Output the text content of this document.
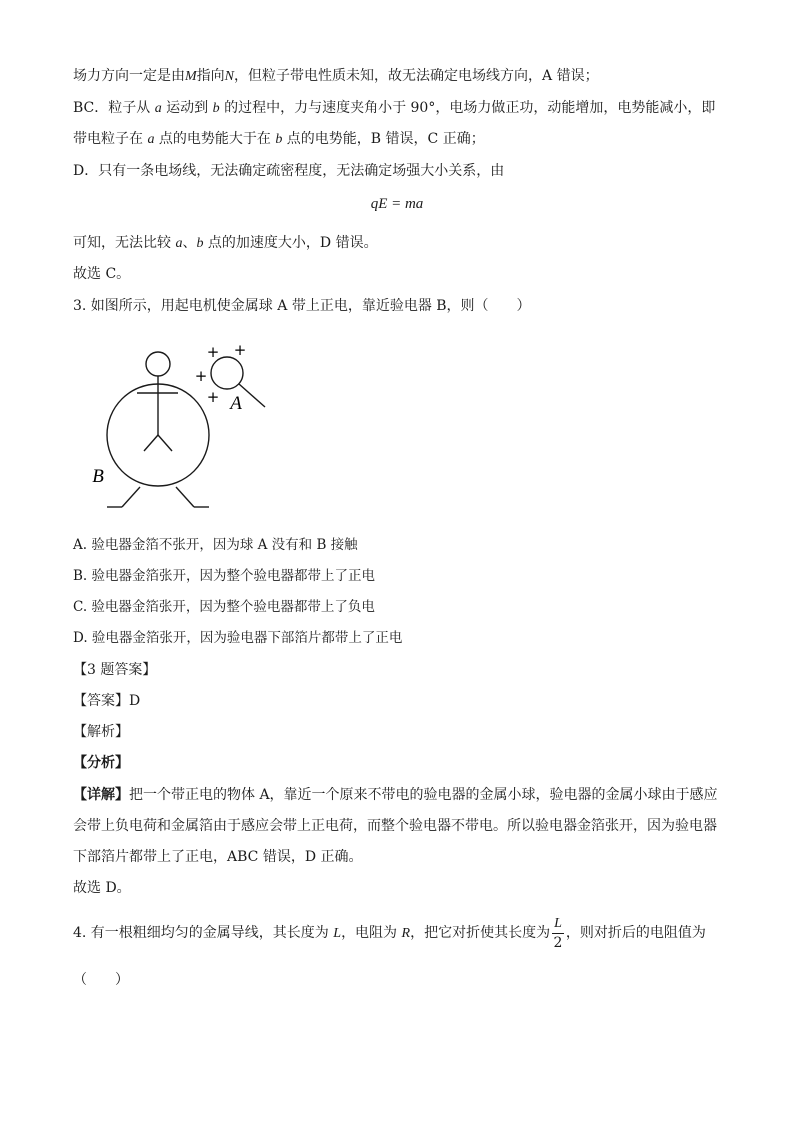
场力方向一定是由M指向N，但粒子带电性质未知，故无法确定电场线方向，A 错误；
BC．粒子从 a 运动到 b 的过程中，力与速度夹角小于 90°，电场力做正功，动能增加，电势能减小，即
带电粒子在 a 点的电势能大于在 b 点的电势能，B 错误，C 正确；
D．只有一条电场线，无法确定疏密程度，无法确定场强大小关系，由
qE = ma
可知，无法比较 a、b 点的加速度大小，D 错误。
故选 C。
3. 如图所示，用起电机使金属球 A 带上正电，靠近验电器 B，则（　　）
+ +
+
+ A
B
A. 验电器金箔不张开，因为球 A 没有和 B 接触
B. 验电器金箔张开，因为整个验电器都带上了正电
C. 验电器金箔张开，因为整个验电器都带上了负电
D. 验电器金箔张开，因为验电器下部箔片都带上了正电
【3 题答案】
【答案】D
【解析】
【分析】
【详解】把一个带正电的物体 A，靠近一个原来不带电的验电器的金属小球，验电器的金属小球由于感应
会带上负电荷和金属箔由于感应会带上正电荷，而整个验电器不带电。所以验电器金箔张开，因为验电器
下部箔片都带上了正电，ABC 错误，D 正确。
故选 D。
4. 有一根粗细均匀的金属导线，其长度为 L，电阻为 R，把它对折使其长度为 $\frac{L}{2}$ ，则对折后的电阻值为
（　　）
